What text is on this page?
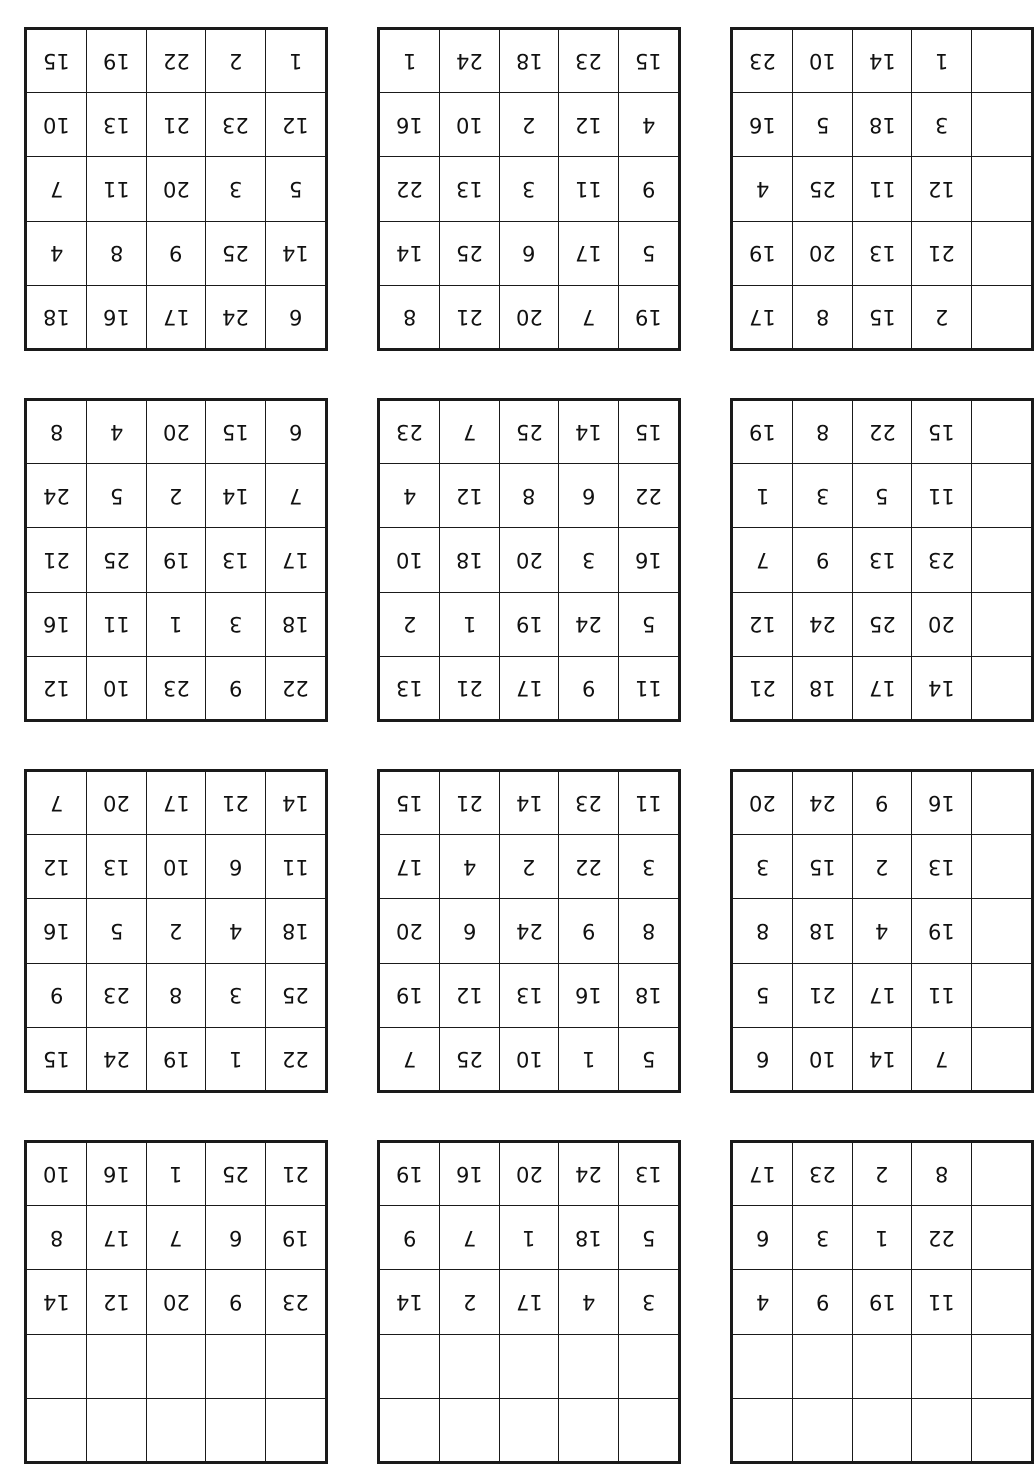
15	19	22	2	1
10	13	21	23	12
7	11	20	3	5
4	8	9	25	14
18	16	17	24	6
1	24	18	23	15
16	10	2	12	4
22	13	3	11	9
14	25	6	17	5
8	21	20	7	19
23	10	14	1	
16	5	18	3	
4	25	11	12	
19	20	13	21	
17	8	15	2	
8	4	20	15	6
24	5	2	14	7
21	25	19	13	17
16	11	1	3	18
12	10	23	9	22
23	7	25	14	15
4	12	8	6	22
10	18	20	3	16
2	1	19	24	5
13	21	17	9	11
19	8	22	15	
1	3	5	11	
7	9	13	23	
12	24	25	20	
21	18	17	14	
7	20	17	21	14
12	13	10	6	11
16	5	2	4	18
9	23	8	3	25
15	24	19	1	22
15	21	14	23	11
17	4	2	22	3
20	6	24	9	8
19	12	13	16	18
7	25	10	1	5
20	24	9	16	
3	15	2	13	
8	18	4	19	
5	21	17	11	
6	10	14	7	
10	16	1	25	21
8	17	7	6	19
14	12	20	9	23

19	16	20	24	13
9	7	1	18	5
14	2	17	4	3

17	23	2	8	
6	3	1	22	
4	9	19	11	
